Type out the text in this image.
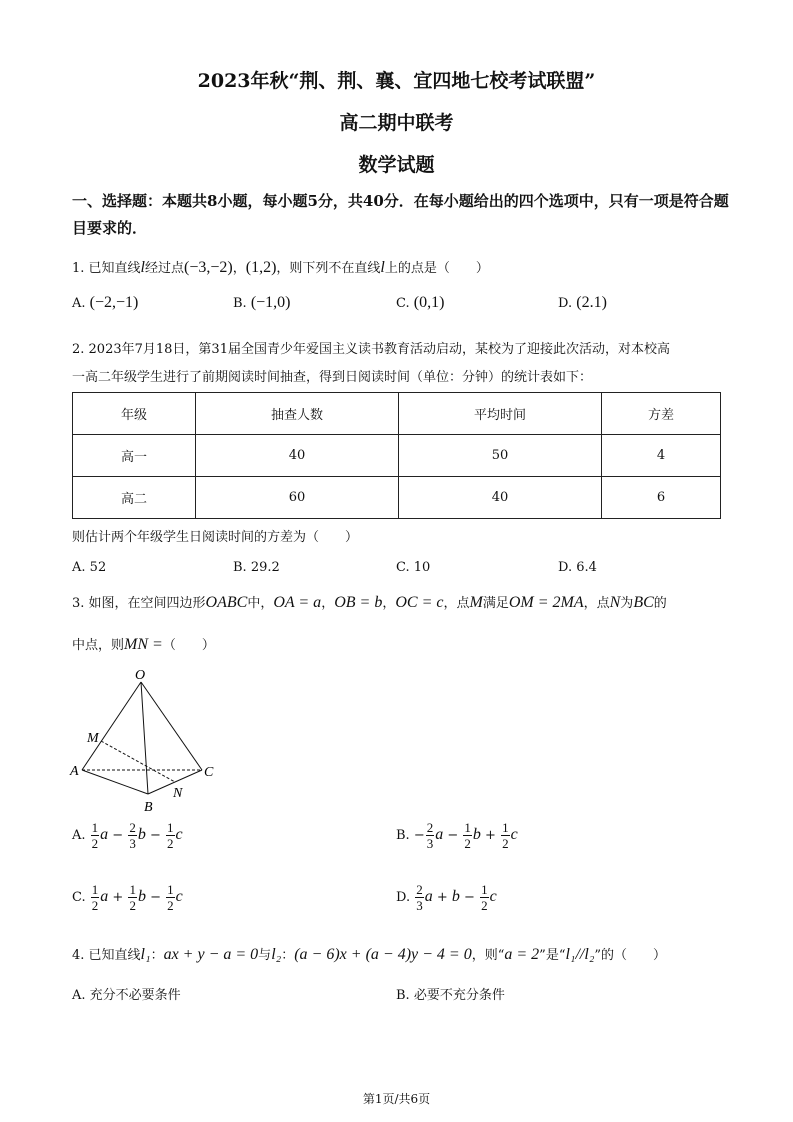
2023年秋“荆、荆、襄、宜四地七校考试联盟”
高二期中联考
数学试题
一、选择题：本题共8小题，每小题5分，共40分．在每小题给出的四个选项中，只有一项是符合题目要求的．
1. 已知直线l经过点(−3,−2)，(1,2)，则下列不在直线l上的点是（　　）
A. (−2,−1)	B. (−1,0)	C. (0,1)	D. (2.1)
2. 2023年7月18日，第31届全国青少年爱国主义读书教育活动启动，某校为了迎接此次活动，对本校高
一高二年级学生进行了前期阅读时间抽查，得到日阅读时间（单位：分钟）的统计表如下：
年级	抽查人数	平均时间	方差
高一	40	50	4
高二	60	40	6
则估计两个年级学生日阅读时间的方差为（　　）
A. 52	B. 29.2	C. 10	D. 6.4
3. 如图，在空间四边形OABC中，OA = a，OB = b，OC = c，点M满足OM = 2MA，点N为BC的
中点，则MN =（　　）
O
M
A	C
N
B
A. $\frac{1}{2}$ $a - \frac{2}{3}$ $b - \frac{1}{2}$ c	B. − $\frac{2}{3}$ $a - \frac{1}{2}$ $b + \frac{1}{2}$ c
C. $\frac{1}{2}$ $a + \frac{1}{2}$ $b - \frac{1}{2}$ c	D. $\frac{2}{3}$ $a + b - \frac{1}{2}$ c
4. 已知直线l₁：ax + y − a = 0与l₂：(a − 6)x + (a − 4)y − 4 = 0，则“a = 2”是“l₁//l₂”的（　　）
A. 充分不必要条件	B. 必要不充分条件
第1页/共6页
